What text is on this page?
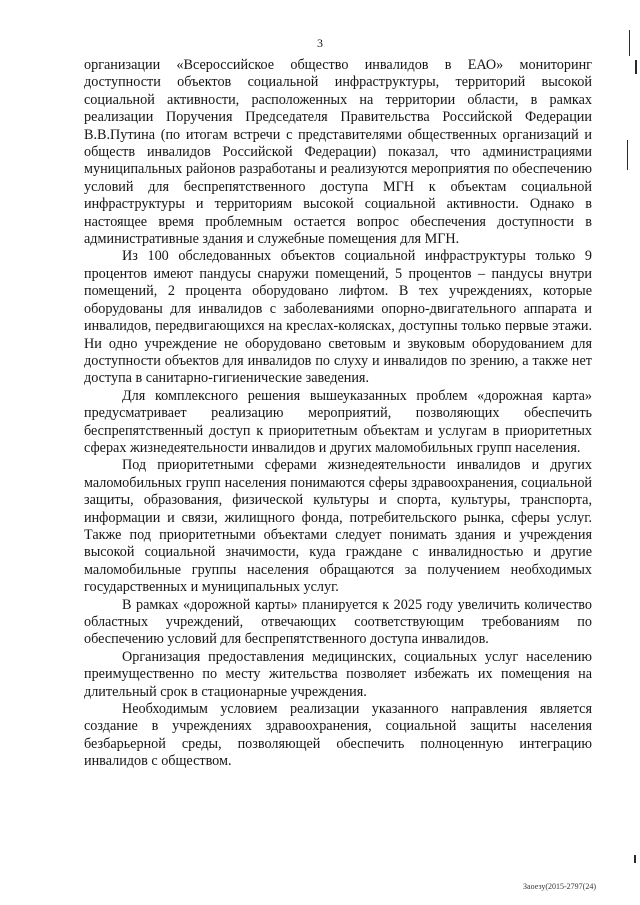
3

организации «Всероссийское общество инвалидов в ЕАО» мониторинг доступности объектов социальной инфраструктуры, территорий высокой социальной активности, расположенных на территории области, в рамках реализации Поручения Председателя Правительства Российской Федерации В.В.Путина (по итогам встречи с представителями общественных организаций и обществ инвалидов Российской Федерации) показал, что администрациями муниципальных районов разработаны и реализуются мероприятия по обеспечению условий для беспрепятственного доступа МГН к объектам социальной инфраструктуры и территориям высокой социальной активности. Однако в настоящее время проблемным остается вопрос обеспечения доступности в административные здания и служебные помещения для МГН.

Из 100 обследованных объектов социальной инфраструктуры только 9 процентов имеют пандусы снаружи помещений, 5 процентов – пандусы внутри помещений, 2 процента оборудовано лифтом. В тех учреждениях, которые оборудованы для инвалидов с заболеваниями опорно-двигательного аппарата и инвалидов, передвигающихся на креслах-колясках, доступны только первые этажи. Ни одно учреждение не оборудовано световым и звуковым оборудованием для доступности объектов для инвалидов по слуху и инвалидов по зрению, а также нет доступа в санитарно-гигиенические заведения.

Для комплексного решения вышеуказанных проблем «дорожная карта» предусматривает реализацию мероприятий, позволяющих обеспечить беспрепятственный доступ к приоритетным объектам и услугам в приоритетных сферах жизнедеятельности инвалидов и других маломобильных групп населения.

Под приоритетными сферами жизнедеятельности инвалидов и других маломобильных групп населения понимаются сферы здравоохранения, социальной защиты, образования, физической культуры и спорта, культуры, транспорта, информации и связи, жилищного фонда, потребительского рынка, сферы услуг. Также под приоритетными объектами следует понимать здания и учреждения высокой социальной значимости, куда граждане с инвалидностью и другие маломобильные группы населения обращаются за получением необходимых государственных и муниципальных услуг.

В рамках «дорожной карты» планируется к 2025 году увеличить количество областных учреждений, отвечающих соответствующим требованиям по обеспечению условий для беспрепятственного доступа инвалидов.

Организация предоставления медицинских, социальных услуг населению преимущественно по месту жительства позволяет избежать их помещения на длительный срок в стационарные учреждения.

Необходимым условием реализации указанного направления является создание в учреждениях здравоохранения, социальной защиты населения безбарьерной среды, позволяющей обеспечить полноценную интеграцию инвалидов с обществом.

Заоезу(2015-2797(24)
